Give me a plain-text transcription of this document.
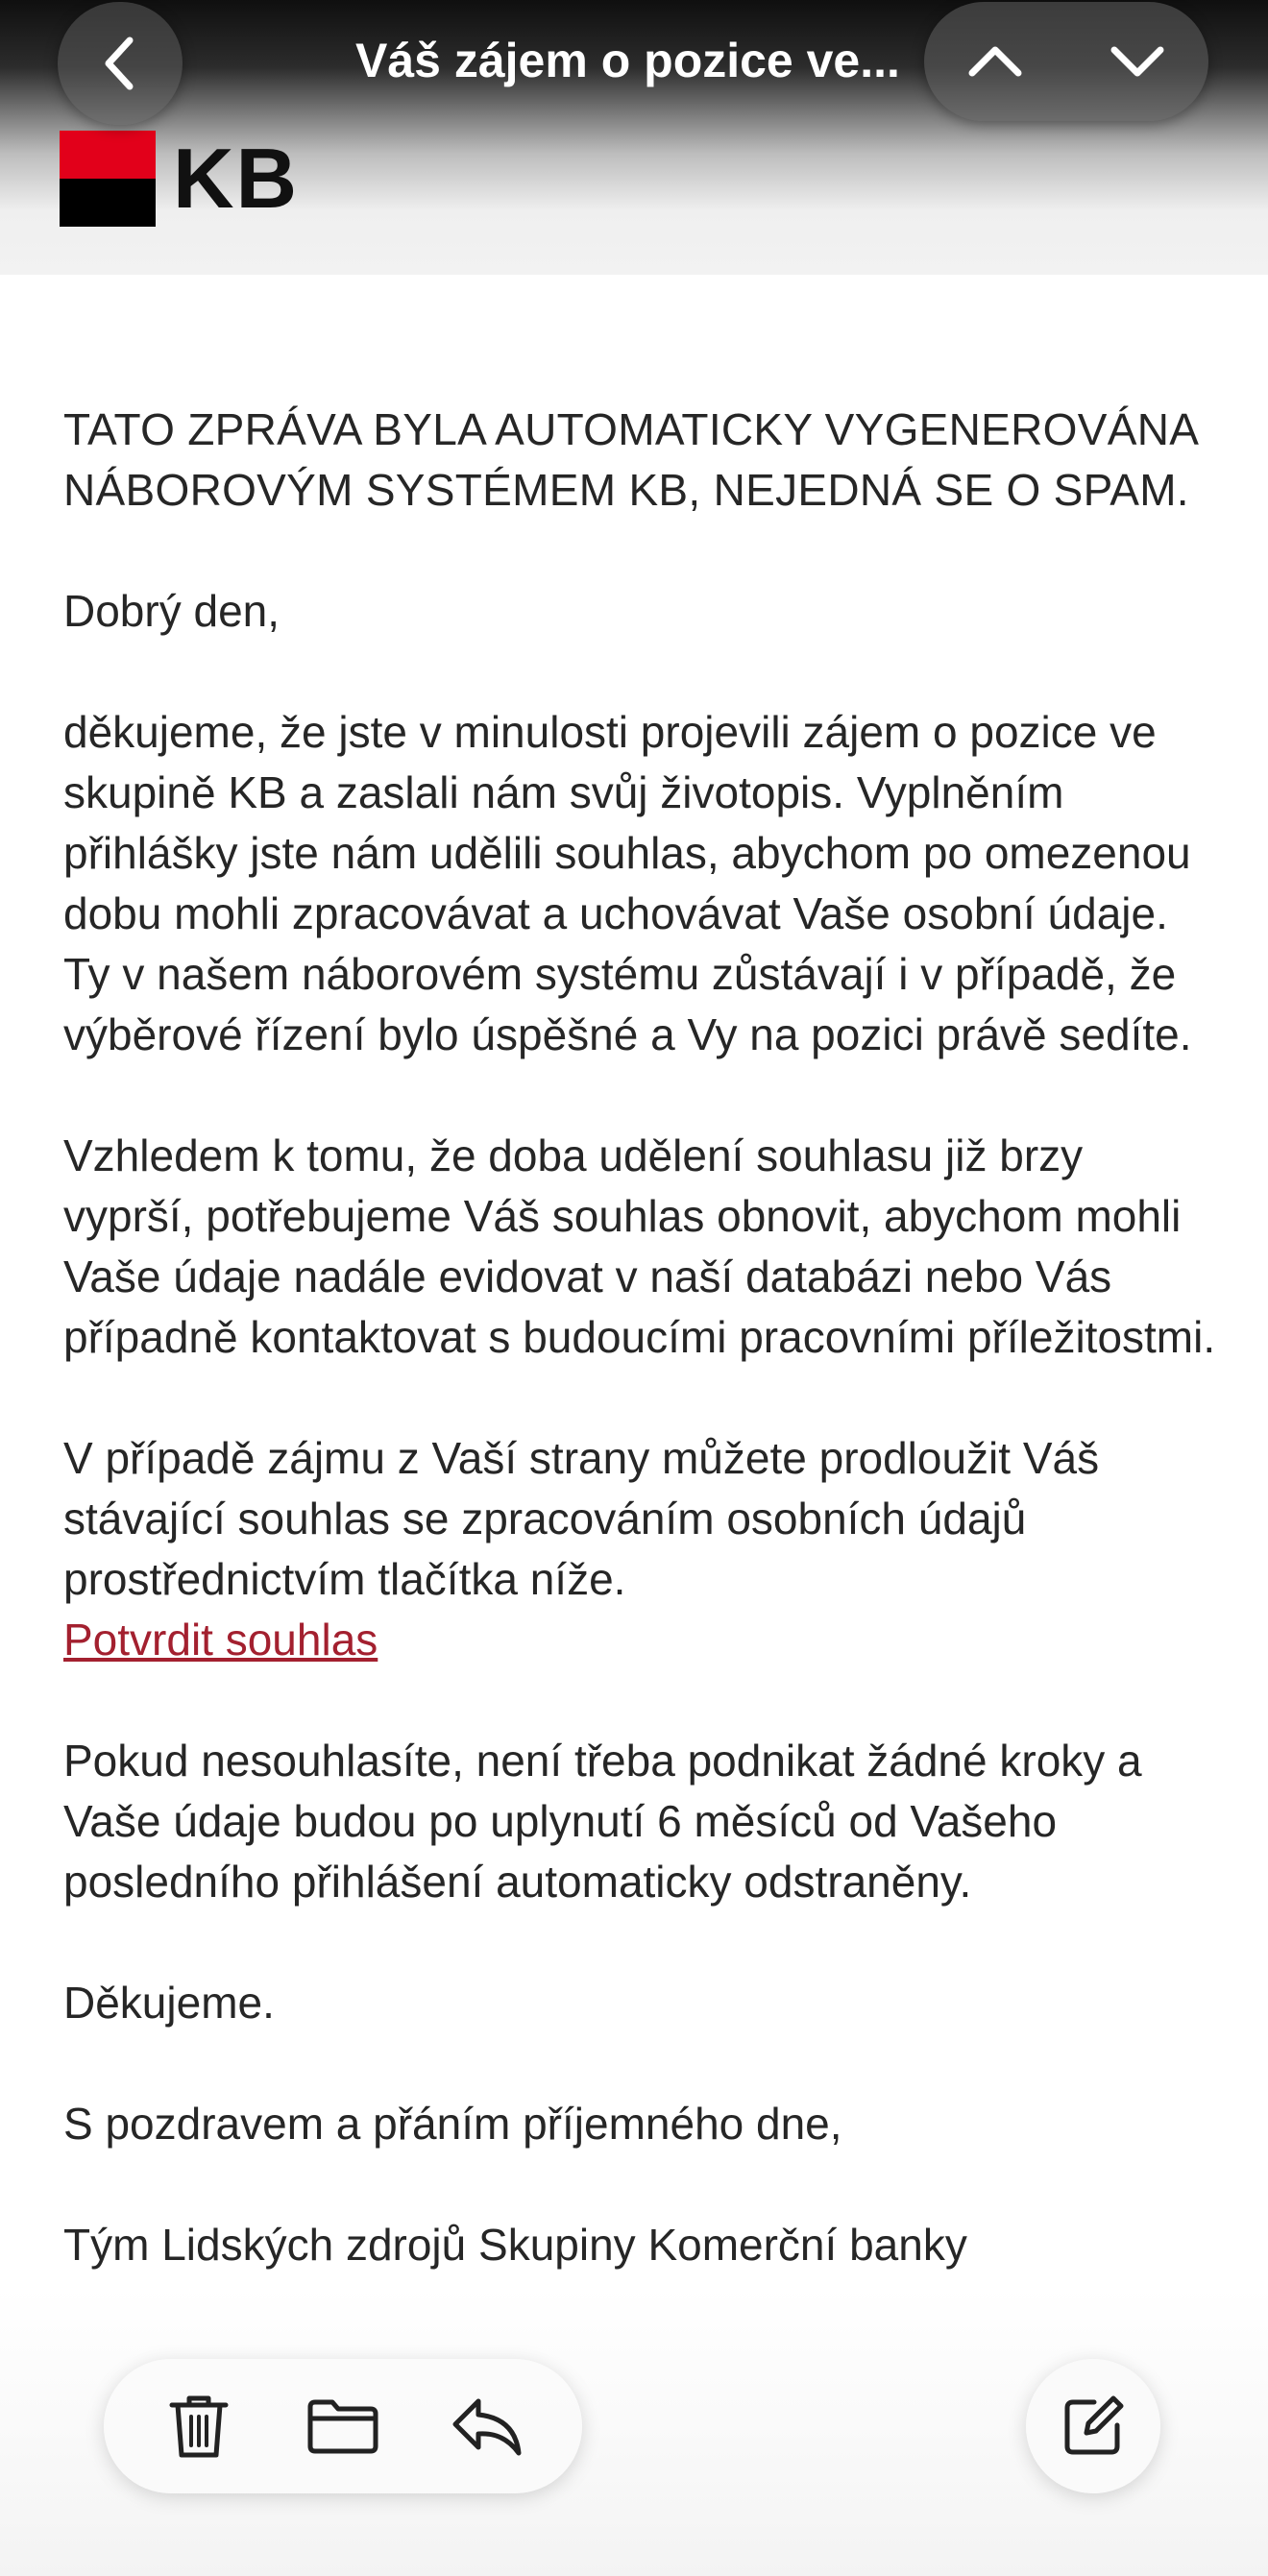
KB
Váš zájem o pozice ve...

TATO ZPRÁVA BYLA AUTOMATICKY VYGENEROVÁNA NÁBOROVÝM SYSTÉMEM KB, NEJEDNÁ SE O SPAM.

Dobrý den,

děkujeme, že jste v minulosti projevili zájem o pozice ve skupině KB a zaslali nám svůj životopis. Vyplněním přihlášky jste nám udělili souhlas, abychom po omezenou dobu mohli zpracovávat a uchovávat Vaše osobní údaje. Ty v našem náborovém systému zůstávají i v případě, že výběrové řízení bylo úspěšné a Vy na pozici právě sedíte.

Vzhledem k tomu, že doba udělení souhlasu již brzy vyprší, potřebujeme Váš souhlas obnovit, abychom mohli Vaše údaje nadále evidovat v naší databázi nebo Vás případně kontaktovat s budoucími pracovními příležitostmi.

V případě zájmu z Vaší strany můžete prodloužit Váš stávající souhlas se zpracováním osobních údajů prostřednictvím tlačítka níže.

Potvrdit souhlas

Pokud nesouhlasíte, není třeba podnikat žádné kroky a Vaše údaje budou po uplynutí 6 měsíců od Vašeho posledního přihlášení automaticky odstraněny.

Děkujeme.

S pozdravem a přáním příjemného dne,

Tým Lidských zdrojů Skupiny Komerční banky
